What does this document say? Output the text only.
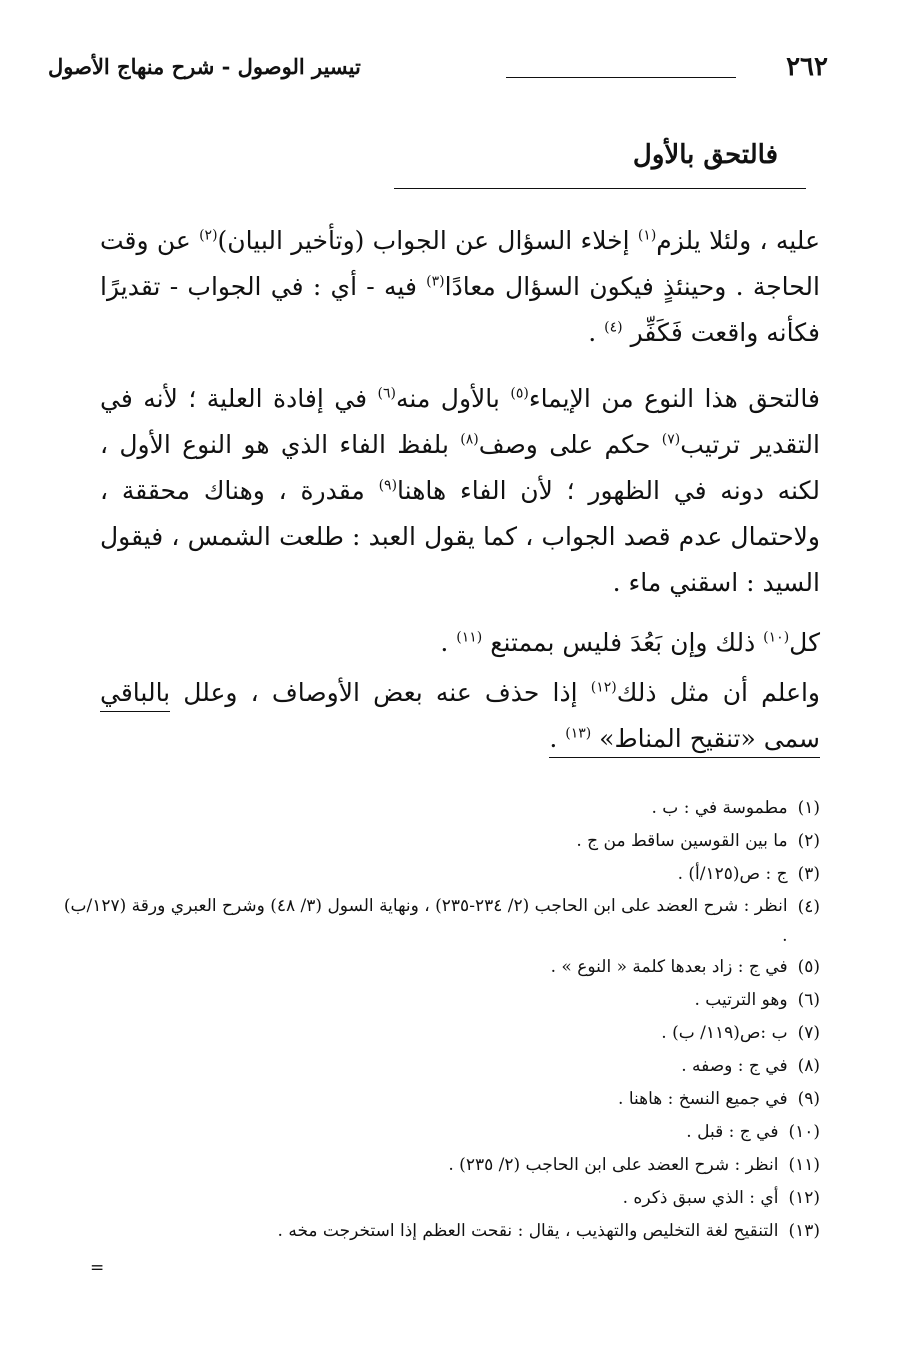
٢٦٢
تيسير الوصول - شرح منهاج الأصول
فالتحق بالأول

عليه ، ولئلا يلزم$^{(١)}$ إخلاء السؤال عن الجواب (وتأخير البيان)$^{(٢)}$ عن وقت الحاجة . وحينئذٍ فيكون السؤال معادًا$^{(٣)}$ فيه - أي : في الجواب - تقديرًا فكأنه واقعت فَكَفِّر $^{(٤)}$ .

فالتحق هذا النوع من الإيماء$^{(٥)}$ بالأول منه$^{(٦)}$ في إفادة العلية ؛ لأنه في التقدير ترتيب$^{(٧)}$ حكم على وصف$^{(٨)}$ بلفظ الفاء الذي هو النوع الأول ، لكنه دونه في الظهور ؛ لأن الفاء هاهنا$^{(٩)}$ مقدرة ، وهناك محققة ، ولاحتمال عدم قصد الجواب ، كما يقول العبد : طلعت الشمس ، فيقول السيد : اسقني ماء .

كل$^{(١٠)}$ ذلك وإن بَعُدَ فليس بممتنع $^{(١١)}$ .

واعلم أن مثل ذلك$^{(١٢)}$ إذا حذف عنه بعض الأوصاف ، وعلل بالباقي سمى «تنقيح المناط» $^{(١٣)}$ .

(١)
مطموسة في : ب .
(٢)
ما بين القوسين ساقط من ج .
(٣)
ج : ص(١٢٥/أ) .
(٤)
انظر : شرح العضد على ابن الحاجب (٢/ ٢٣٤-٢٣٥) ، ونهاية السول (٣/ ٤٨) وشرح العبري ورقة (١٢٧/ب) .
(٥)
في ج : زاد بعدها كلمة « النوع » .
(٦)
وهو الترتيب .
(٧)
ب :ص(١١٩/ ب) .
(٨)
في ج : وصفه .
(٩)
في جميع النسخ : هاهنا .
(١٠)
في ج : قبل .
(١١)
انظر : شرح العضد على ابن الحاجب (٢/ ٢٣٥) .
(١٢)
أي : الذي سبق ذكره .
(١٣)
التنقيح لغة التخليص والتهذيب ، يقال : نقحت العظم إذا استخرجت مخه .
=
